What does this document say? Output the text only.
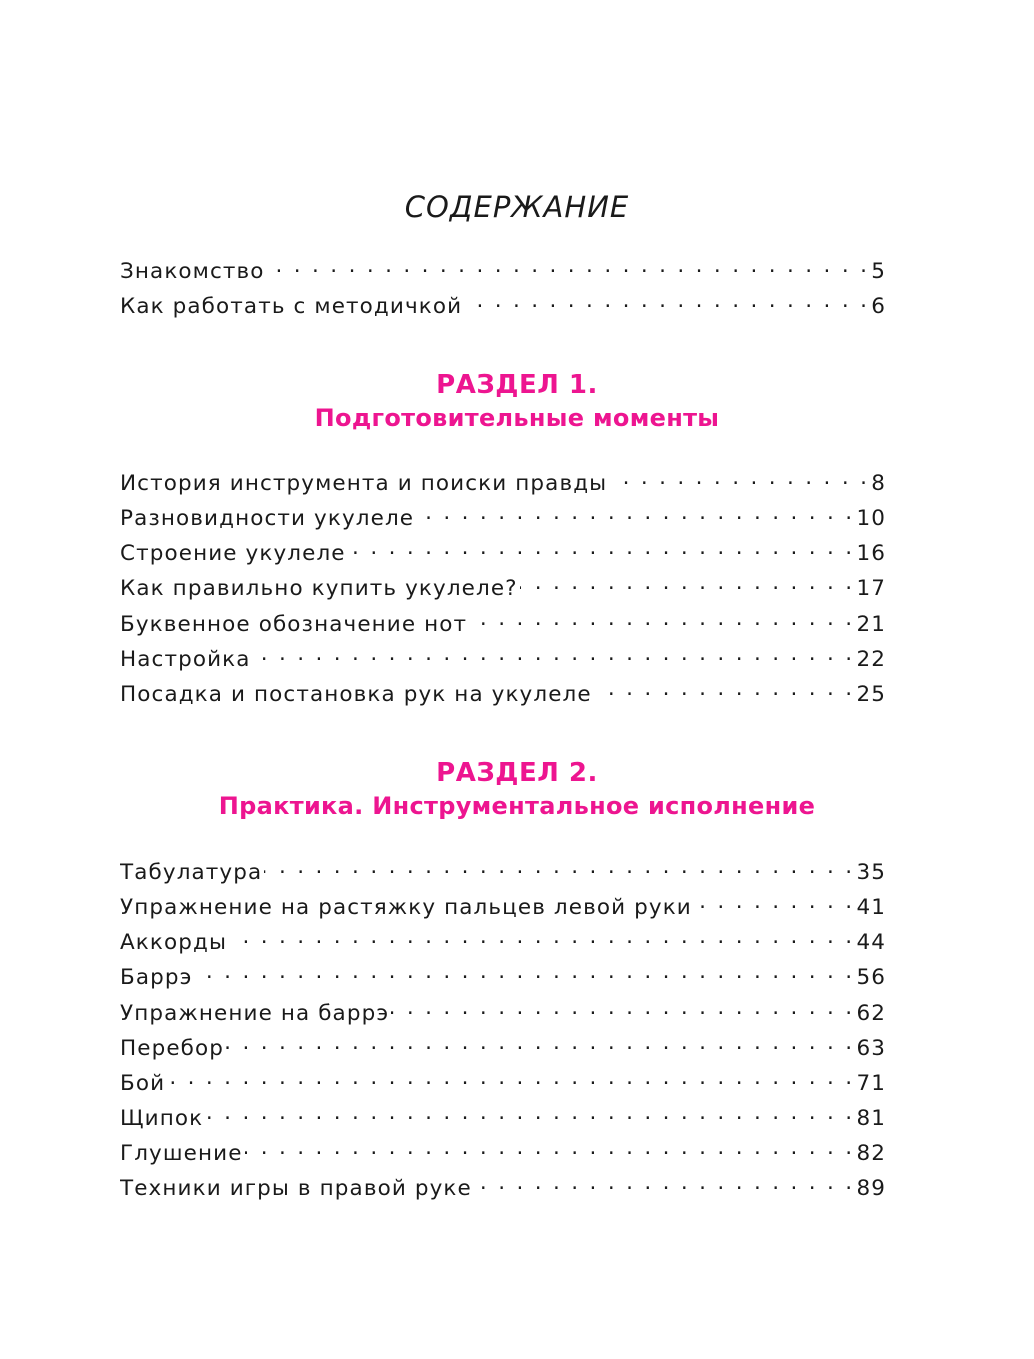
СОДЕРЖАНИЕ
Знакомство . . .	5
Как работать с методичкой . . .	6
РАЗДЕЛ 1.
Подготовительные моменты
История инструмента и поиски правды . . .	8
Разновидности укулеле . . .	10
Строение укулеле . . .	16
Как правильно купить укулеле? . . .	17
Буквенное обозначение нот . . .	21
Настройка . . .	22
Посадка и постановка рук на укулеле . . .	25
РАЗДЕЛ 2.
Практика. Инструментальное исполнение
Табулатура . . .	35
Упражнение на растяжку пальцев левой руки . . .	41
Аккорды . . .	44
Баррэ . . .	56
Упражнение на баррэ . . .	62
Перебор . . .	63
Бой . . .	71
Щипок . . .	81
Глушение . . .	82
Техники игры в правой руке . . .	89
